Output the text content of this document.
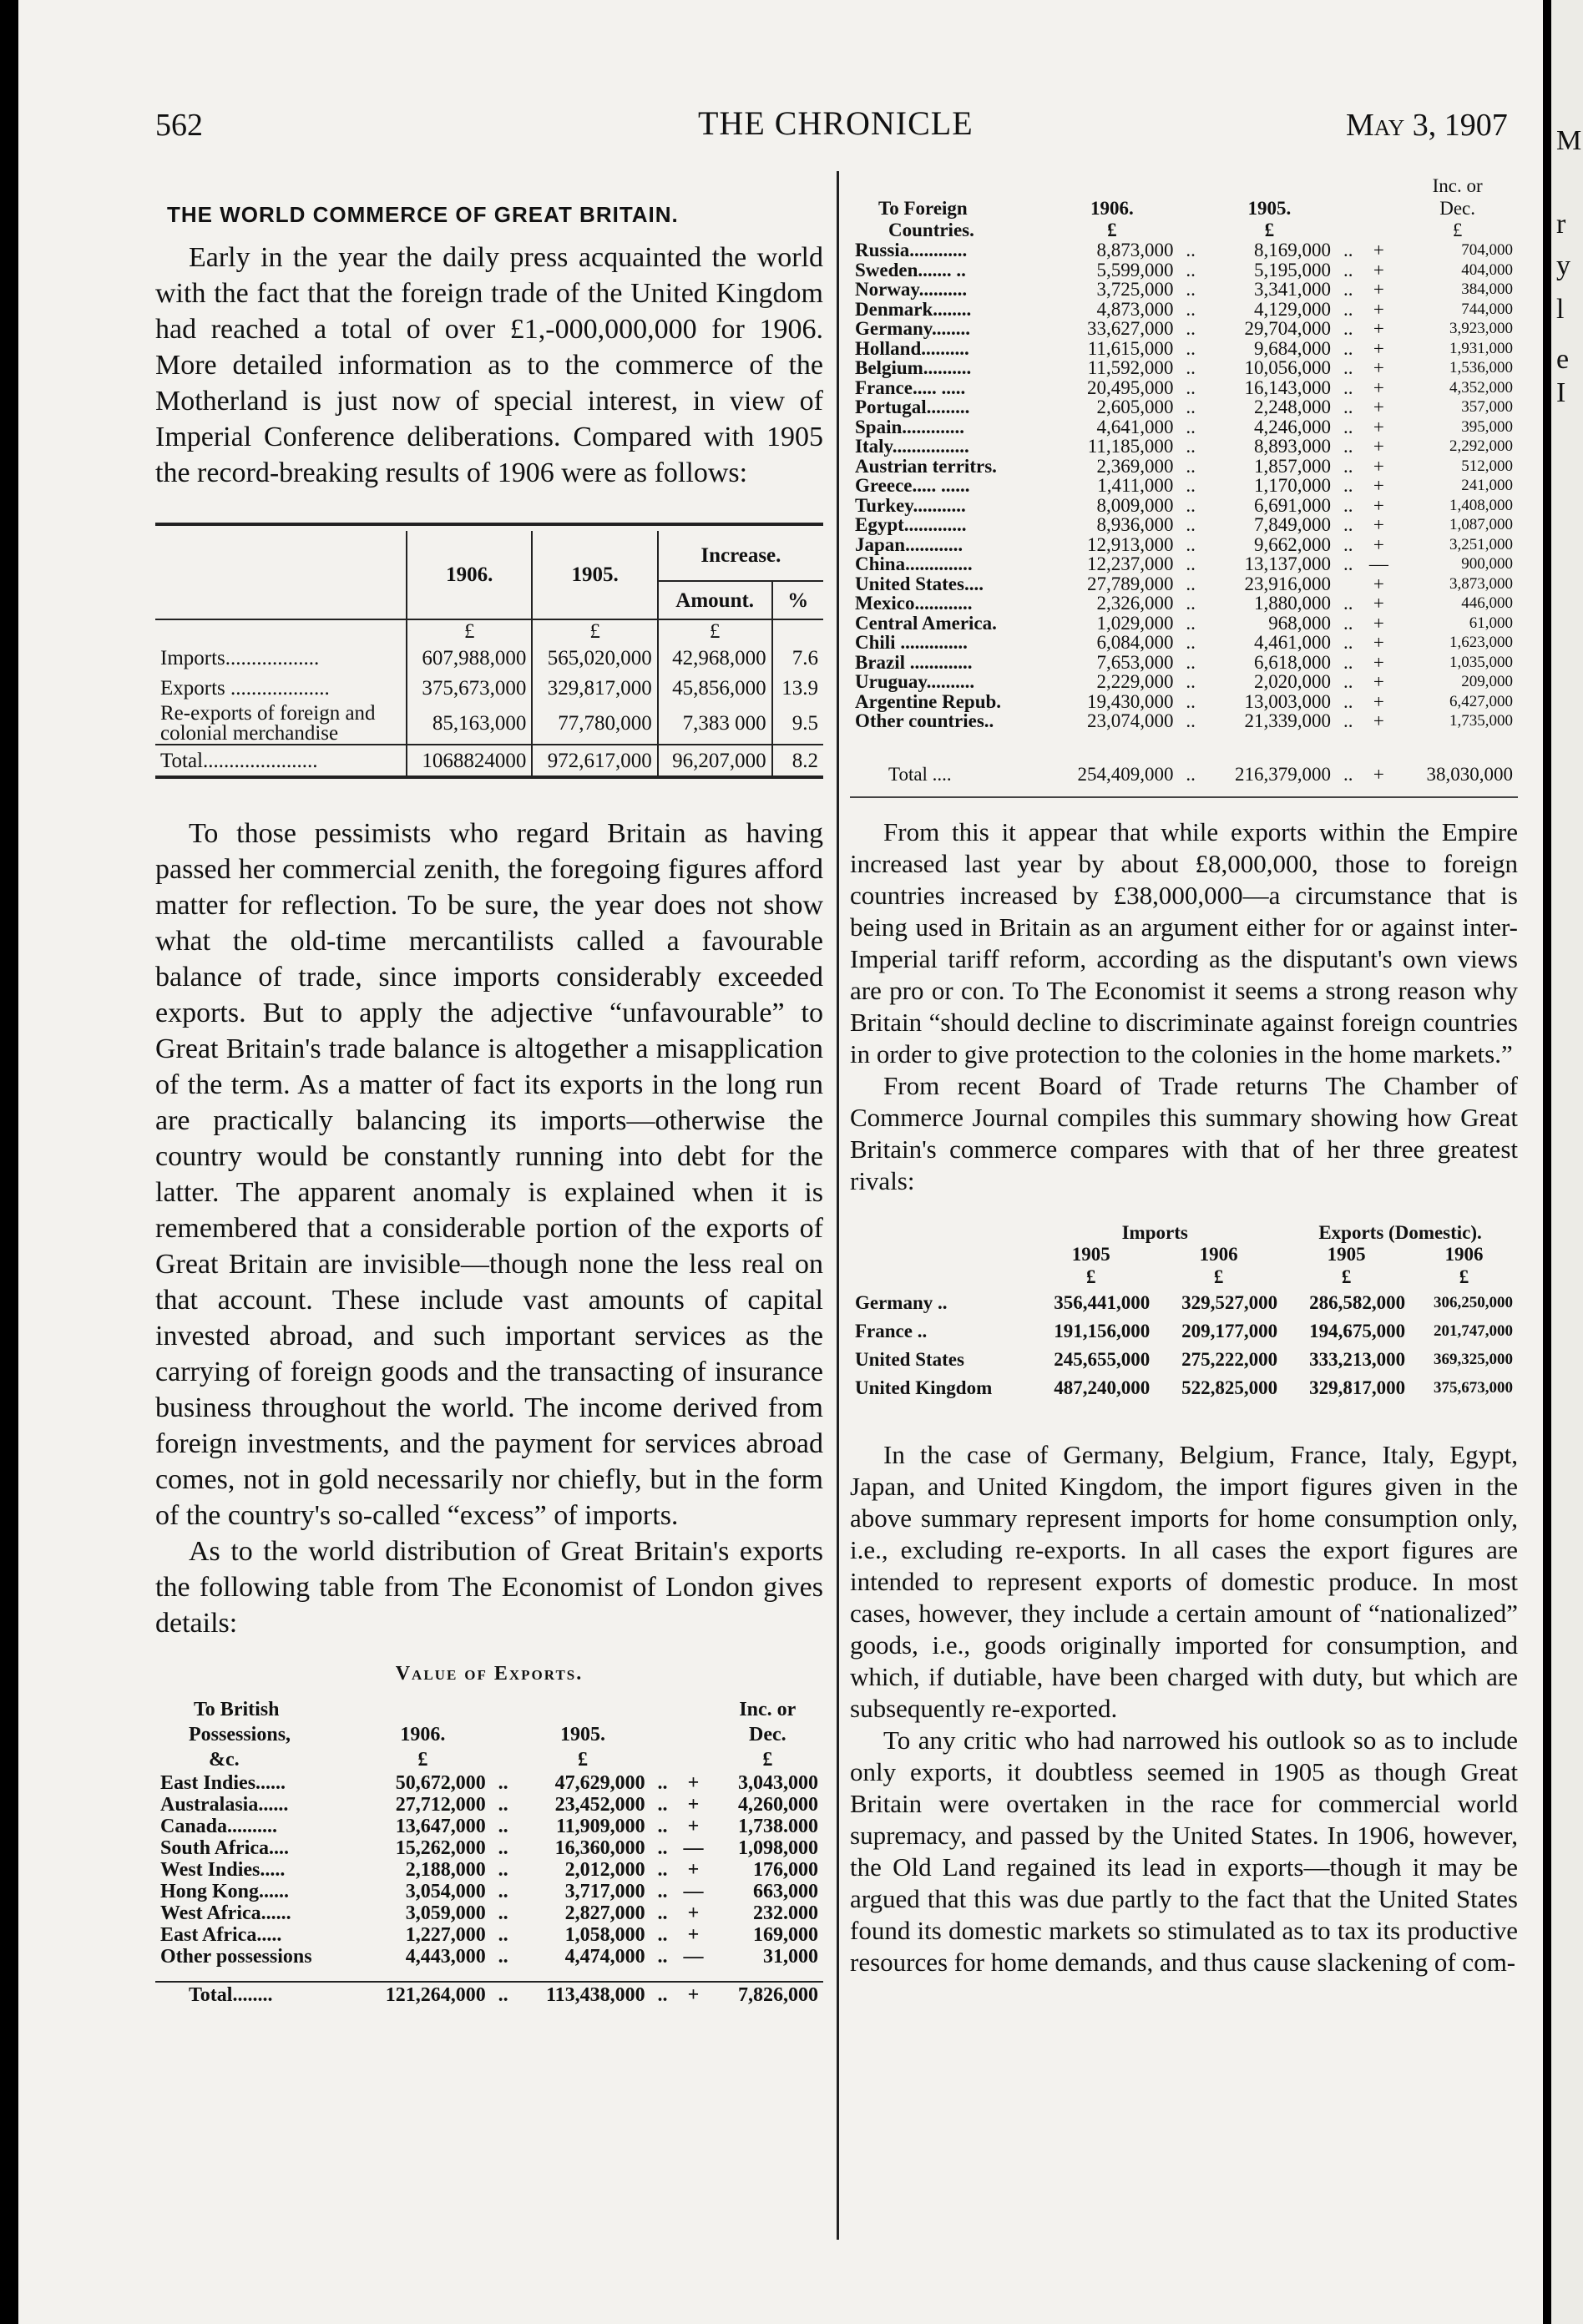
M
r
y
l
e
I
562	THE CHRONICLE	May 3, 1907
THE WORLD COMMERCE OF GREAT BRITAIN.

Early in the year the daily press acquainted the world with the fact that the foreign trade of the United Kingdom had reached a total of over £1,-000,000,000 for 1906. More detailed information as to the commerce of the Motherland is just now of special interest, in view of Imperial Conference deliberations. Compared with 1905 the record-breaking results of 1906 were as follows:

	1906.	1905.	Increase.	
			Amount.	%

	£	£	£	
Imports..................	607,988,000	565,020,000	42,968,000	7.6
Exports ...................	375,673,000	329,817,000	45,856,000	13.9
Re-exports of foreign and colonial merchandise	85,163,000	77,780,000	7,383 000	9.5

Total......................	1068824000	972,617,000	96,207,000	8.2

To those pessimists who regard Britain as having passed her commercial zenith, the foregoing figures afford matter for reflection. To be sure, the year does not show what the old-time mercantilists called a favourable balance of trade, since imports considerably exceeded exports. But to apply the adjective “unfavourable” to Great Britain's trade balance is altogether a misapplication of the term. As a matter of fact its exports in the long run are practically balancing its imports—otherwise the country would be constantly running into debt for the latter. The apparent anomaly is explained when it is remembered that a considerable portion of the exports of Great Britain are invisible—though none the less real on that account. These include vast amounts of capital invested abroad, and such important services as the carrying of foreign goods and the transacting of insurance business throughout the world. The income derived from foreign investments, and the payment for services abroad comes, not in gold necessarily nor chiefly, but in the form of the country's so-called “excess” of imports.

As to the world distribution of Great Britain's exports the following table from The Economist of London gives details:

Value of Exports.
To British						Inc. or
Possessions,	1906.		1905.			Dec.
&c.	£		£			£
East Indies......	50,672,000	..	47,629,000	..	+	3,043,000
Australasia......	27,712,000	..	23,452,000	..	+	4,260,000
Canada..........	13,647,000	..	11,909,000	..	+	1,738.000
South Africa....	15,262,000	..	16,360,000	..	—	1,098,000
West Indies.....	2,188,000	..	2,012,000	..	+	176,000
Hong Kong......	3,054,000	..	3,717,000	..	—	663,000
West Africa......	3,059,000	..	2,827,000	..	+	232.000
East Africa.....	1,227,000	..	1,058,000	..	+	169,000
Other possessions	4,443,000	..	4,474,000	..	—	31,000

Total........	121,264,000	..	113,438,000	..	+	7,826,000
						Inc. or
To Foreign	1906.		1905.			Dec.
Countries.	£		£			£
Russia............	8,873,000	..	8,169,000	..	+	704,000
Sweden....... ..	5,599,000	..	5,195,000	..	+	404,000
Norway..........	3,725,000	..	3,341,000	..	+	384,000
Denmark........	4,873,000	..	4,129,000	..	+	744,000
Germany........	33,627,000	..	29,704,000	..	+	3,923,000
Holland..........	11,615,000	..	9,684,000	..	+	1,931,000
Belgium..........	11,592,000	..	10,056,000	..	+	1,536,000
France..... .....	20,495,000	..	16,143,000	..	+	4,352,000
Portugal.........	2,605,000	..	2,248,000	..	+	357,000
Spain.............	4,641,000	..	4,246,000	..	+	395,000
Italy................	11,185,000	..	8,893,000	..	+	2,292,000
Austrian territrs.	2,369,000	..	1,857,000	..	+	512,000
Greece..... ......	1,411,000	..	1,170,000	..	+	241,000
Turkey...........	8,009,000	..	6,691,000	..	+	1,408,000
Egypt.............	8,936,000	..	7,849,000	..	+	1,087,000
Japan............	12,913,000	..	9,662,000	..	+	3,251,000
China..............	12,237,000	..	13,137,000	..	—	900,000
United States....	27,789,000	..	23,916,000		+	3,873,000
Mexico............	2,326,000	..	1,880,000	..	+	446,000
Central America.	1,029,000	..	968,000	..	+	61,000
Chili ..............	6,084,000	..	4,461,000	..	+	1,623,000
Brazil .............	7,653,000	..	6,618,000	..	+	1,035,000
Uruguay..........	2,229,000	..	2,020,000	..	+	209,000
Argentine Repub.	19,430,000	..	13,003,000	..	+	6,427,000
Other countries..	23,074,000	..	21,339,000	..	+	1,735,000

Total ....	254,409,000	..	216,379,000	..	+	38,030,000

From this it appear that while exports within the Empire increased last year by about £8,000,000, those to foreign countries increased by £38,000,000—a circumstance that is being used in Britain as an argument either for or against inter-Imperial tariff reform, according as the disputant's own views are pro or con. To The Economist it seems a strong reason why Britain “should decline to discriminate against foreign countries in order to give protection to the colonies in the home markets.”

From recent Board of Trade returns The Chamber of Commerce Journal compiles this summary showing how Great Britain's commerce compares with that of her three greatest rivals:

	Imports		Exports (Domestic).	
	1905	1906	1905	1906
	£	£	£	£
Germany ..	356,441,000	329,527,000	286,582,000	306,250,000
France ..	191,156,000	209,177,000	194,675,000	201,747,000
United States	245,655,000	275,222,000	333,213,000	369,325,000
United Kingdom	487,240,000	522,825,000	329,817,000	375,673,000

In the case of Germany, Belgium, France, Italy, Egypt, Japan, and United Kingdom, the import figures given in the above summary represent imports for home consumption only, i.e., excluding re-exports. In all cases the export figures are intended to represent exports of domestic produce. In most cases, however, they include a certain amount of “nationalized” goods, i.e., goods originally imported for consumption, and which, if dutiable, have been charged with duty, but which are subsequently re-exported.

To any critic who had narrowed his outlook so as to include only exports, it doubtless seemed in 1905 as though Great Britain were overtaken in the race for commercial world supremacy, and passed by the United States. In 1906, however, the Old Land regained its lead in exports—though it may be argued that this was due partly to the fact that the United States found its domestic markets so stimulated as to tax its productive resources for home demands, and thus cause slackening of com-
